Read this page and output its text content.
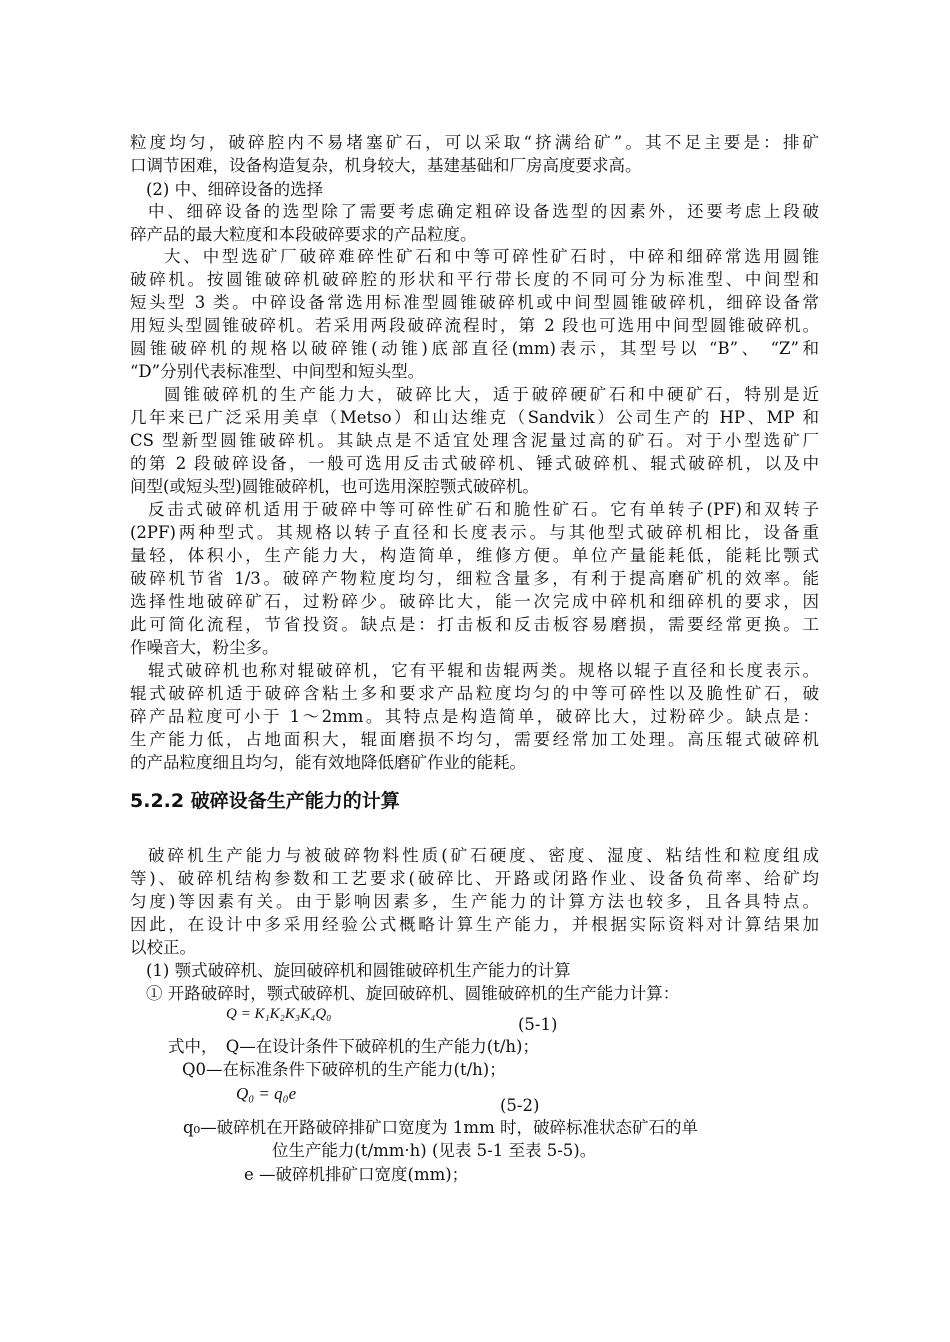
粒度均匀，破碎腔内不易堵塞矿石，可以采取“挤满给矿”。其不足主要是：排矿
口调节困难，设备构造复杂，机身较大，基建基础和厂房高度要求高。
(2) 中、细碎设备的选择
中、细碎设备的选型除了需要考虑确定粗碎设备选型的因素外，还要考虑上段破
碎产品的最大粒度和本段破碎要求的产品粒度。
大、中型选矿厂破碎难碎性矿石和中等可碎性矿石时，中碎和细碎常选用圆锥
破碎机。按圆锥破碎机破碎腔的形状和平行带长度的不同可分为标准型、中间型和
短头型 3 类。中碎设备常选用标准型圆锥破碎机或中间型圆锥破碎机，细碎设备常
用短头型圆锥破碎机。若采用两段破碎流程时，第 2 段也可选用中间型圆锥破碎机。
圆锥破碎机的规格以破碎锥(动锥)底部直径(mm)表示，其型号以 “B”、 “Z”和
“D”分别代表标准型、中间型和短头型。
圆锥破碎机的生产能力大，破碎比大，适于破碎硬矿石和中硬矿石，特别是近
几年来已广泛采用美卓（Metso）和山达维克（Sandvik）公司生产的 HP、MP 和
CS 型新型圆锥破碎机。其缺点是不适宜处理含泥量过高的矿石。对于小型选矿厂
的第 2 段破碎设备，一般可选用反击式破碎机、锤式破碎机、辊式破碎机，以及中
间型(或短头型)圆锥破碎机，也可选用深腔颚式破碎机。
反击式破碎机适用于破碎中等可碎性矿石和脆性矿石。它有单转子(PF)和双转子
(2PF)两种型式。其规格以转子直径和长度表示。与其他型式破碎机相比，设备重
量轻，体积小，生产能力大，构造简单，维修方便。单位产量能耗低，能耗比颚式
破碎机节省 1/3。破碎产物粒度均匀，细粒含量多，有利于提高磨矿机的效率。能
选择性地破碎矿石，过粉碎少。破碎比大，能一次完成中碎机和细碎机的要求，因
此可简化流程，节省投资。缺点是：打击板和反击板容易磨损，需要经常更换。工
作噪音大，粉尘多。
辊式破碎机也称对辊破碎机，它有平辊和齿辊两类。规格以辊子直径和长度表示。
辊式破碎机适于破碎含粘土多和要求产品粒度均匀的中等可碎性以及脆性矿石，破
碎产品粒度可小于 1～2mm。其特点是构造简单，破碎比大，过粉碎少。缺点是：
生产能力低，占地面积大，辊面磨损不均匀，需要经常加工处理。高压辊式破碎机
的产品粒度细且均匀，能有效地降低磨矿作业的能耗。
5.2.2 破碎设备生产能力的计算
破碎机生产能力与被破碎物料性质(矿石硬度、密度、湿度、粘结性和粒度组成
等)、破碎机结构参数和工艺要求(破碎比、开路或闭路作业、设备负荷率、给矿均
匀度)等因素有关。由于影响因素多，生产能力的计算方法也较多，且各具特点。
因此，在设计中多采用经验公式概略计算生产能力，并根据实际资料对计算结果加
以校正。
(1) 颚式破碎机、旋回破碎机和圆锥破碎机生产能力的计算
① 开路破碎时，颚式破碎机、旋回破碎机、圆锥破碎机的生产能力计算：
Q = K₁K₂K₃K₄Q₀
(5-1)
式中，　Q—在设计条件下破碎机的生产能力(t/h)；
Q0—在标准条件下破碎机的生产能力(t/h)；
Q₀ = q₀e
(5-2)
q₀—破碎机在开路破碎排矿口宽度为 1mm 时，破碎标准状态矿石的单
位生产能力(t/mm·h) (见表 5-1 至表 5-5)。
e —破碎机排矿口宽度(mm)；
